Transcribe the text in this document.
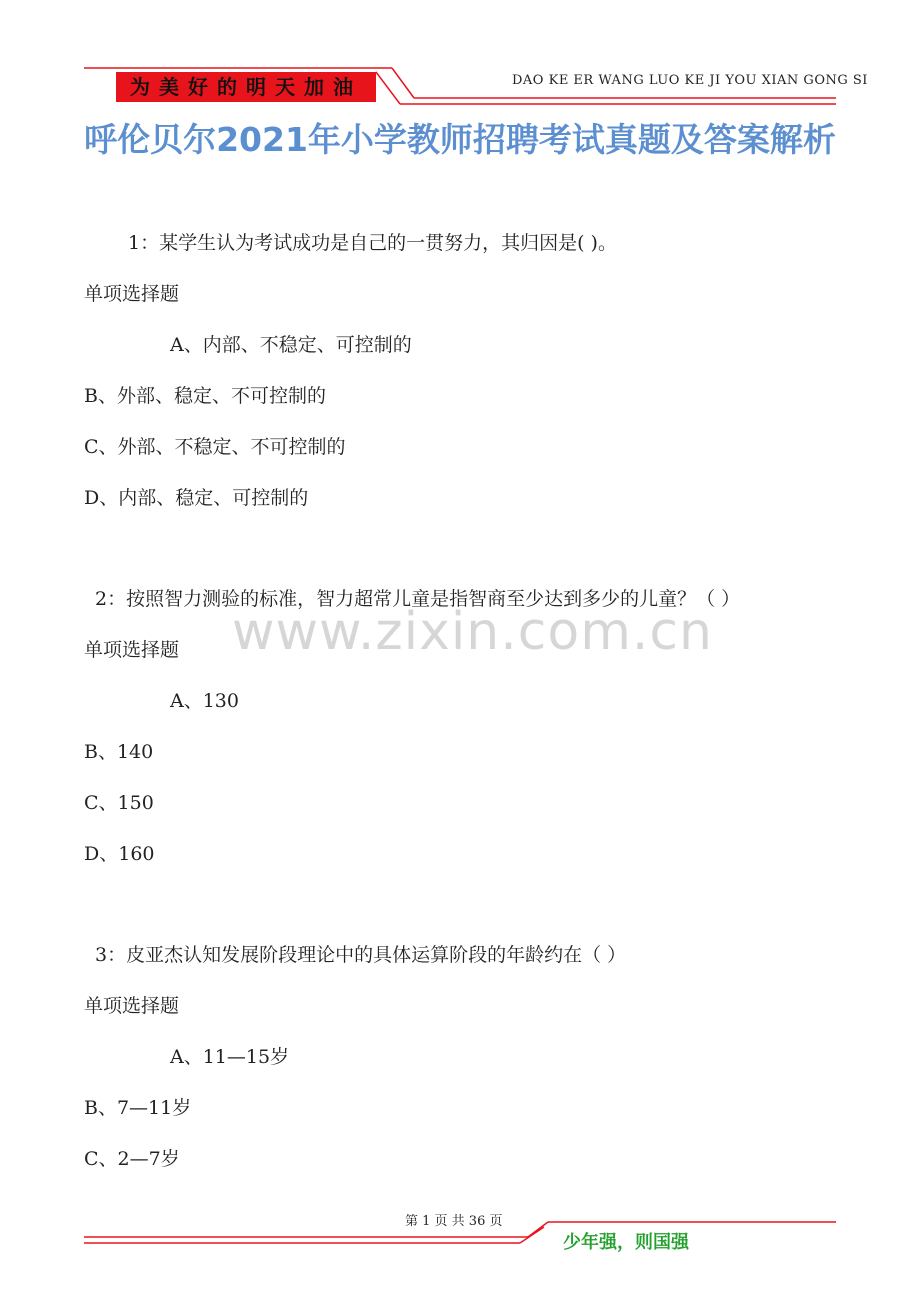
为美好的明天加油	DAO KE ER WANG LUO KE JI YOU XIAN GONG SI
呼伦贝尔2021年小学教师招聘考试真题及答案解析
1：某学生认为考试成功是自己的一贯努力，其归因是( )。
单项选择题
A、内部、不稳定、可控制的
B、外部、稳定、不可控制的
C、外部、不稳定、不可控制的
D、内部、稳定、可控制的
2：按照智力测验的标准，智力超常儿童是指智商至少达到多少的儿童？（ ）
单项选择题
A、130
B、140
C、150
D、160
3：皮亚杰认知发展阶段理论中的具体运算阶段的年龄约在（ ）
单项选择题
A、11—15岁
B、7—11岁
C、2—7岁
www.zixin.com.cn
第 1 页 共 36 页
少年强，则国强
